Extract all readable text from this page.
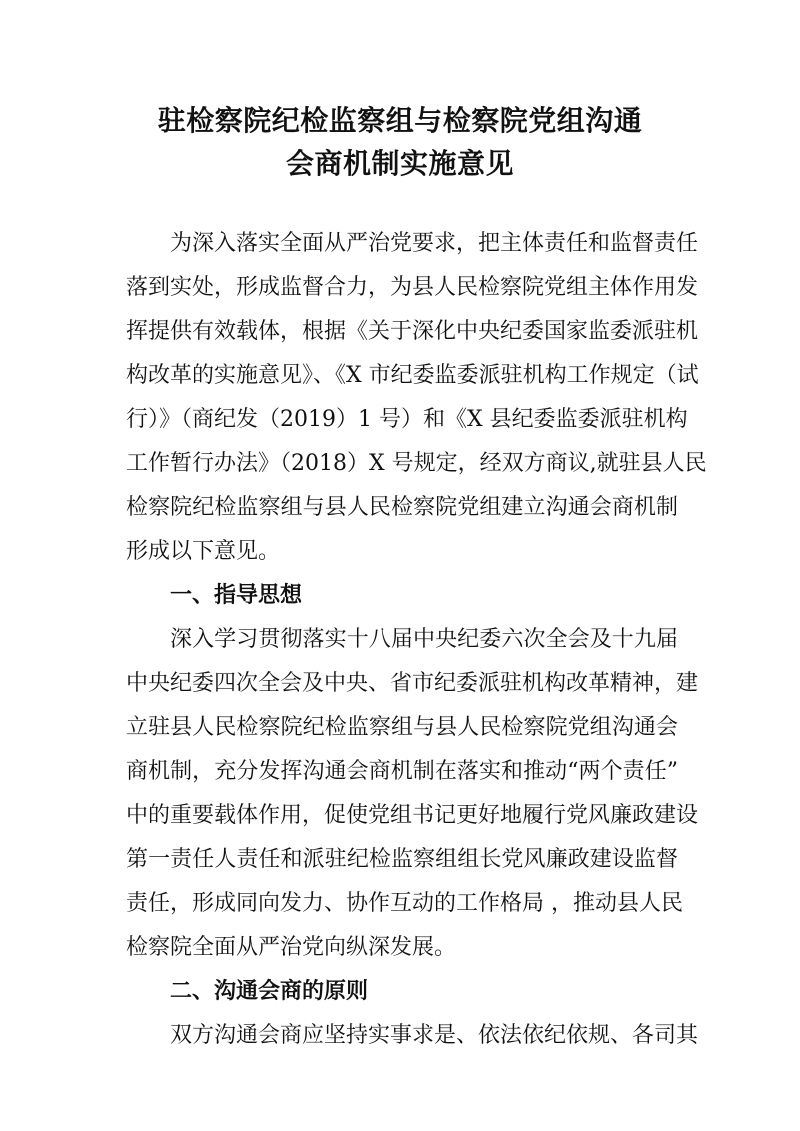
驻检察院纪检监察组与检察院党组沟通
会商机制实施意见
为深入落实全面从严治党要求，把主体责任和监督责任
落到实处，形成监督合力，为县人民检察院党组主体作用发
挥提供有效载体，根据《关于深化中央纪委国家监委派驻机
构改革的实施意见》、《X 市纪委监委派驻机构工作规定（试
行）》（商纪发（2019）1 号）和《X 县纪委监委派驻机构
工作暂行办法》（2018）X 号规定，经双方商议,就驻县人民
检察院纪检监察组与县人民检察院党组建立沟通会商机制
形成以下意见。
一、指导思想
深入学习贯彻落实十八届中央纪委六次全会及十九届
中央纪委四次全会及中央、省市纪委派驻机构改革精神，建
立驻县人民检察院纪检监察组与县人民检察院党组沟通会
商机制，充分发挥沟通会商机制在落实和推动“两个责任”
中的重要载体作用，促使党组书记更好地履行党风廉政建设
第一责任人责任和派驻纪检监察组组长党风廉政建设监督
责任，形成同向发力、协作互动的工作格局 ，推动县人民
检察院全面从严治党向纵深发展。
二、沟通会商的原则
双方沟通会商应坚持实事求是、依法依纪依规、各司其
